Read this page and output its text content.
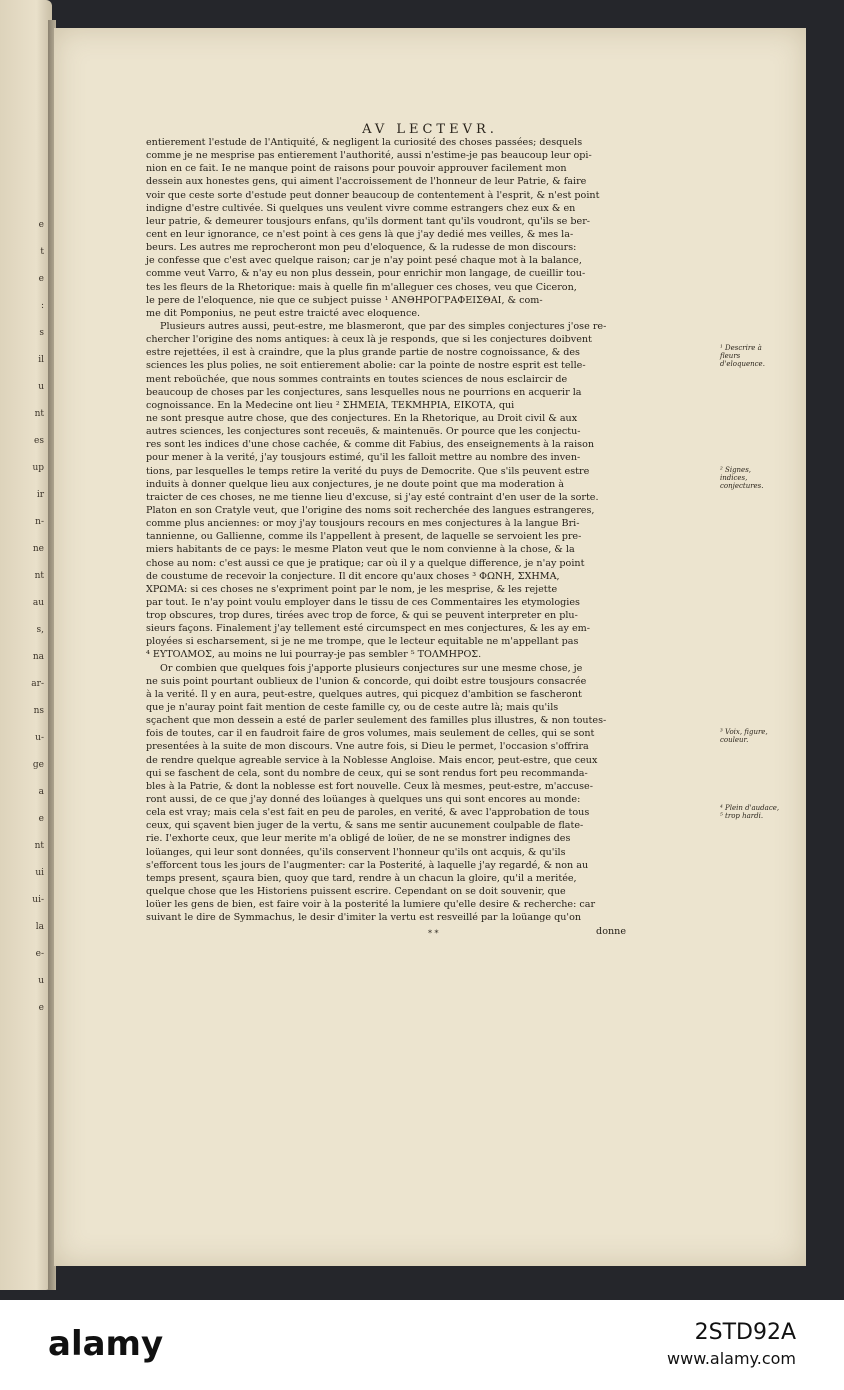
e
t
e
:
s
il
u
nt
es
up
ir
n-
ne
nt
au
s,
na
ar-
ns
u-
ge
a
e
nt
ui
ui-
la
e-
u
e
AV LECTEVR.
¹ Descrire à fleurs d'eloquence.
² Signes, indices, conjectures.
³ Voix, figure, couleur.
⁴ Plein d'audace, ⁵ trop hardi.
entierement l'estude de l'Antiquité, & negligent la curiosité des choses passées; desquels
comme je ne mesprise pas entierement l'authorité, aussi n'estime-je pas beaucoup leur opi-
nion en ce fait. Ie ne manque point de raisons pour pouvoir approuver facilement mon
dessein aux honestes gens, qui aiment l'accroissement de l'honneur de leur Patrie, & faire
voir que ceste sorte d'estude peut donner beaucoup de contentement à l'esprit, & n'est point
indigne d'estre cultivée. Si quelques uns veulent vivre comme estrangers chez eux & en
leur patrie, & demeurer tousjours enfans, qu'ils dorment tant qu'ils voudront, qu'ils se ber-
cent en leur ignorance, ce n'est point à ces gens là que j'ay dedié mes veilles, & mes la-
beurs. Les autres me reprocheront mon peu d'eloquence, & la rudesse de mon discours:
je confesse que c'est avec quelque raison; car je n'ay point pesé chaque mot à la balance,
comme veut Varro, & n'ay eu non plus dessein, pour enrichir mon langage, de cueillir tou-
tes les fleurs de la Rhetorique: mais à quelle fin m'alleguer ces choses, veu que Ciceron,
le pere de l'eloquence, nie que ce subject puisse ¹ ΑΝΘΗΡΟΓΡΑΦΕΙΣΘΑΙ, & com-
me dit Pomponius, ne peut estre traicté avec eloquence.
Plusieurs autres aussi, peut-estre, me blasmeront, que par des simples conjectures j'ose re-
chercher l'origine des noms antiques: à ceux là je responds, que si les conjectures doibvent
estre rejettées, il est à craindre, que la plus grande partie de nostre cognoissance, & des
sciences les plus polies, ne soit entierement abolie: car la pointe de nostre esprit est telle-
ment reboüchée, que nous sommes contraints en toutes sciences de nous esclaircir de
beaucoup de choses par les conjectures, sans lesquelles nous ne pourrions en acquerir la
cognoissance. En la Medecine ont lieu ² ΣΗΜΕΙΑ, ΤΕΚΜΗΡΙΑ, ΕΙΚΟΤΑ, qui
ne sont presque autre chose, que des conjectures. En la Rhetorique, au Droit civil & aux
autres sciences, les conjectures sont receuës, & maintenuës. Or pource que les conjectu-
res sont les indices d'une chose cachée, & comme dit Fabius, des enseignements à la raison
pour mener à la verité, j'ay tousjours estimé, qu'il les falloit mettre au nombre des inven-
tions, par lesquelles le temps retire la verité du puys de Democrite. Que s'ils peuvent estre
induits à donner quelque lieu aux conjectures, je ne doute point que ma moderation à
traicter de ces choses, ne me tienne lieu d'excuse, si j'ay esté contraint d'en user de la sorte.
Platon en son Cratyle veut, que l'origine des noms soit recherchée des langues estrangeres,
comme plus anciennes: or moy j'ay tousjours recours en mes conjectures à la langue Bri-
tannienne, ou Gallienne, comme ils l'appellent à present, de laquelle se servoient les pre-
miers habitants de ce pays: le mesme Platon veut que le nom convienne à la chose, & la
chose au nom: c'est aussi ce que je pratique; car où il y a quelque difference, je n'ay point
de coustume de recevoir la conjecture. Il dit encore qu'aux choses ³ ΦΩΝΗ, ΣΧΗΜΑ,
ΧΡΩΜΑ: si ces choses ne s'expriment point par le nom, je les mesprise, & les rejette
par tout. Ie n'ay point voulu employer dans le tissu de ces Commentaires les etymologies
trop obscures, trop dures, tirées avec trop de force, & qui se peuvent interpreter en plu-
sieurs façons. Finalement j'ay tellement esté circumspect en mes conjectures, & les ay em-
ployées si escharsement, si je ne me trompe, que le lecteur equitable ne m'appellant pas
⁴ ΕΥΤΟΛΜΟΣ, au moins ne lui pourray-je pas sembler ⁵ ΤΟΛΜΗΡΟΣ.
Or combien que quelques fois j'apporte plusieurs conjectures sur une mesme chose, je
ne suis point pourtant oublieux de l'union & concorde, qui doibt estre tousjours consacrée
à la verité. Il y en aura, peut-estre, quelques autres, qui picquez d'ambition se fascheront
que je n'auray point fait mention de ceste famille cy, ou de ceste autre là; mais qu'ils
sçachent que mon dessein a esté de parler seulement des familles plus illustres, & non toutes-
fois de toutes, car il en faudroit faire de gros volumes, mais seulement de celles, qui se sont
presentées à la suite de mon discours. Vne autre fois, si Dieu le permet, l'occasion s'offrira
de rendre quelque agreable service à la Noblesse Angloise. Mais encor, peut-estre, que ceux
qui se faschent de cela, sont du nombre de ceux, qui se sont rendus fort peu recommanda-
bles à la Patrie, & dont la noblesse est fort nouvelle. Ceux là mesmes, peut-estre, m'accuse-
ront aussi, de ce que j'ay donné des loüanges à quelques uns qui sont encores au monde:
cela est vray; mais cela s'est fait en peu de paroles, en verité, & avec l'approbation de tous
ceux, qui sçavent bien juger de la vertu, & sans me sentir aucunement coulpable de flate-
rie. I'exhorte ceux, que leur merite m'a obligé de loüer, de ne se monstrer indignes des
loüanges, qui leur sont données, qu'ils conservent l'honneur qu'ils ont acquis, & qu'ils
s'efforcent tous les jours de l'augmenter: car la Posterité, à laquelle j'ay regardé, & non au
temps present, sçaura bien, quoy que tard, rendre à un chacun la gloire, qu'il a meritée,
quelque chose que les Historiens puissent escrire. Cependant on se doit souvenir, que
loüer les gens de bien, est faire voir à la posterité la lumiere qu'elle desire & recherche: car
suivant le dire de Symmachus, le desir d'imiter la vertu est resveillé par la loüange qu'on
* *	donne
alamy	2STD92A
www.alamy.com
